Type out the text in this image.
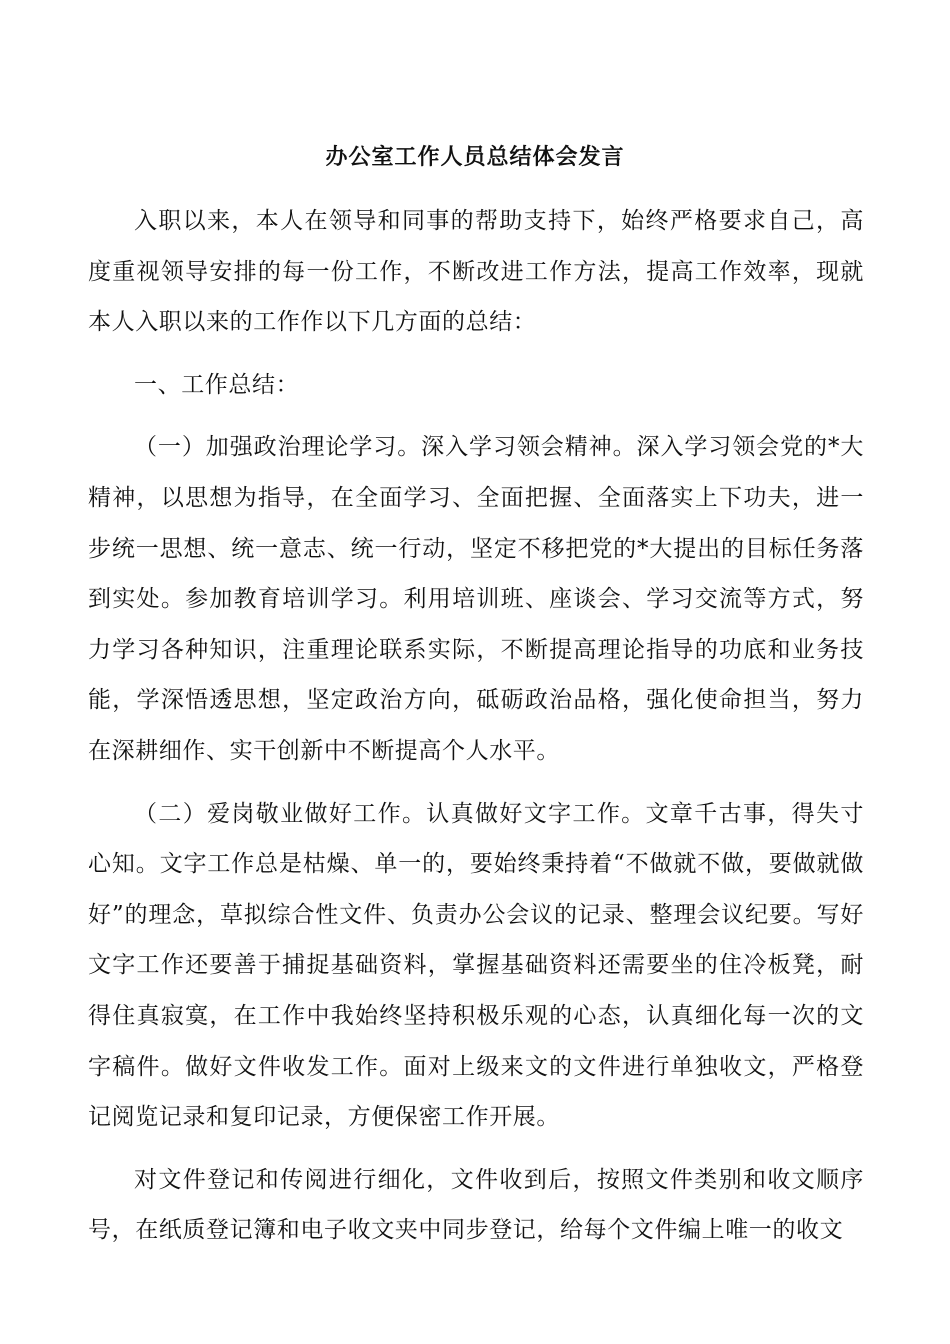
办公室工作人员总结体会发言

入职以来，本人在领导和同事的帮助支持下，始终严格要求自己，高度重视领导安排的每一份工作，不断改进工作方法，提高工作效率，现就本人入职以来的工作作以下几方面的总结：

一、工作总结：

（一）加强政治理论学习。深入学习领会精神。深入学习领会党的*大精神，以思想为指导，在全面学习、全面把握、全面落实上下功夫，进一步统一思想、统一意志、统一行动，坚定不移把党的*大提出的目标任务落到实处。参加教育培训学习。利用培训班、座谈会、学习交流等方式，努力学习各种知识，注重理论联系实际，不断提高理论指导的功底和业务技能，学深悟透思想，坚定政治方向，砥砺政治品格，强化使命担当，努力在深耕细作、实干创新中不断提高个人水平。

（二）爱岗敬业做好工作。认真做好文字工作。文章千古事，得失寸心知。文字工作总是枯燥、单一的，要始终秉持着“不做就不做，要做就做好”的理念，草拟综合性文件、负责办公会议的记录、整理会议纪要。写好文字工作还要善于捕捉基础资料，掌握基础资料还需要坐的住冷板凳，耐得住真寂寞，在工作中我始终坚持积极乐观的心态，认真细化每一次的文字稿件。做好文件收发工作。面对上级来文的文件进行单独收文，严格登记阅览记录和复印记录，方便保密工作开展。

对文件登记和传阅进行细化，文件收到后，按照文件类别和收文顺序号，在纸质登记簿和电子收文夹中同步登记，给每个文件编上唯一的收文
